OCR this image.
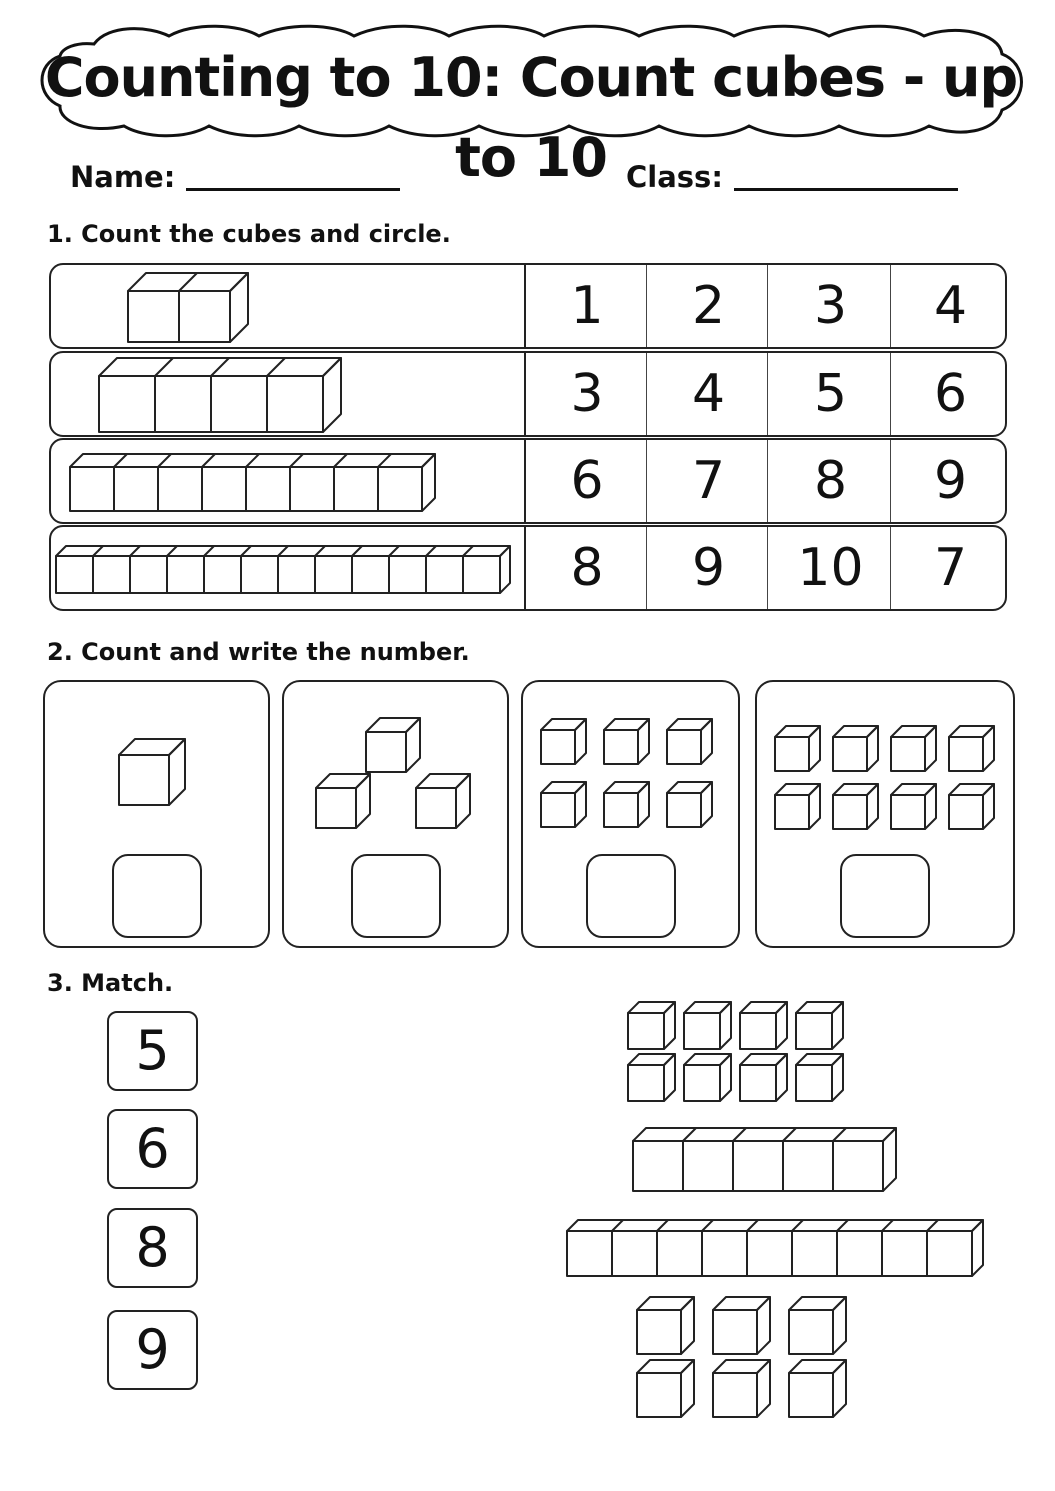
Counting to 10: Count cubes - up to 10
Name:	Class:
1. Count the cubes and circle.
1	2	3	4
3	4	5	6
6	7	8	9
8	9	10	7
2. Count and write the number.
3. Match.
5
6
8
9
